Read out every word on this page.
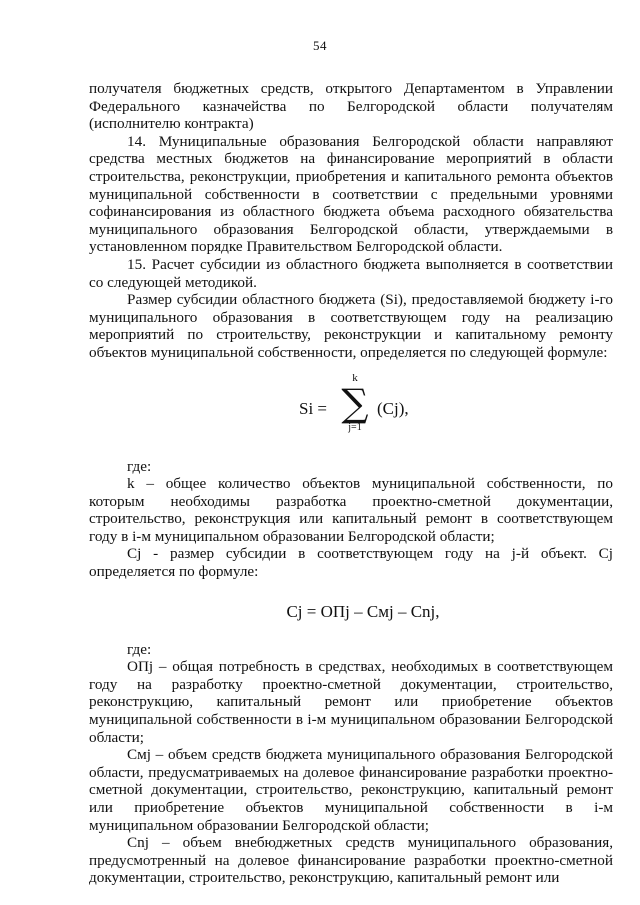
54

получателя бюджетных средств, открытого Департаментом в Управлении Федерального казначейства по Белгородской области получателям (исполнителю контракта)

14. Муниципальные образования Белгородской области направляют средства местных бюджетов на финансирование мероприятий в области строительства, реконструкции, приобретения и капитального ремонта объектов муниципальной собственности в соответствии с предельными уровнями софинансирования из областного бюджета объема расходного обязательства муниципального образования Белгородской области, утверждаемыми в установленном порядке Правительством Белгородской области.

15. Расчет субсидии из областного бюджета выполняется в соответствии со следующей методикой.

Размер субсидии областного бюджета (Si), предоставляемой бюджету i-го муниципального образования в соответствующем году на реализацию мероприятий по строительству, реконструкции и капитальному ремонту объектов муниципальной собственности, определяется по следующей формуле:

Si =
k
∑
j=1
(Cj),

где:

k – общее количество объектов муниципальной собственности, по которым необходимы разработка проектно-сметной документации, строительство, реконструкция или капитальный ремонт в соответствующем году в i-м муниципальном образовании Белгородской области;

Cj - размер субсидии в соответствующем году на j-й объект. Cj определяется по формуле:

Cj = ОПj – Смj – Cnj,

где:

ОПj – общая потребность в средствах, необходимых в соответствующем году на разработку проектно-сметной документации, строительство, реконструкцию, капитальный ремонт или приобретение объектов муниципальной собственности в i-м муниципальном образовании Белгородской области;

Смj – объем средств бюджета муниципального образования Белгородской области, предусматриваемых на долевое финансирование разработки проектно-сметной документации, строительство, реконструкцию, капитальный ремонт или приобретение объектов муниципальной собственности в i-м муниципальном образовании Белгородской области;

Cnj – объем внебюджетных средств муниципального образования, предусмотренный на долевое финансирование разработки проектно-сметной документации, строительство, реконструкцию, капитальный ремонт или
